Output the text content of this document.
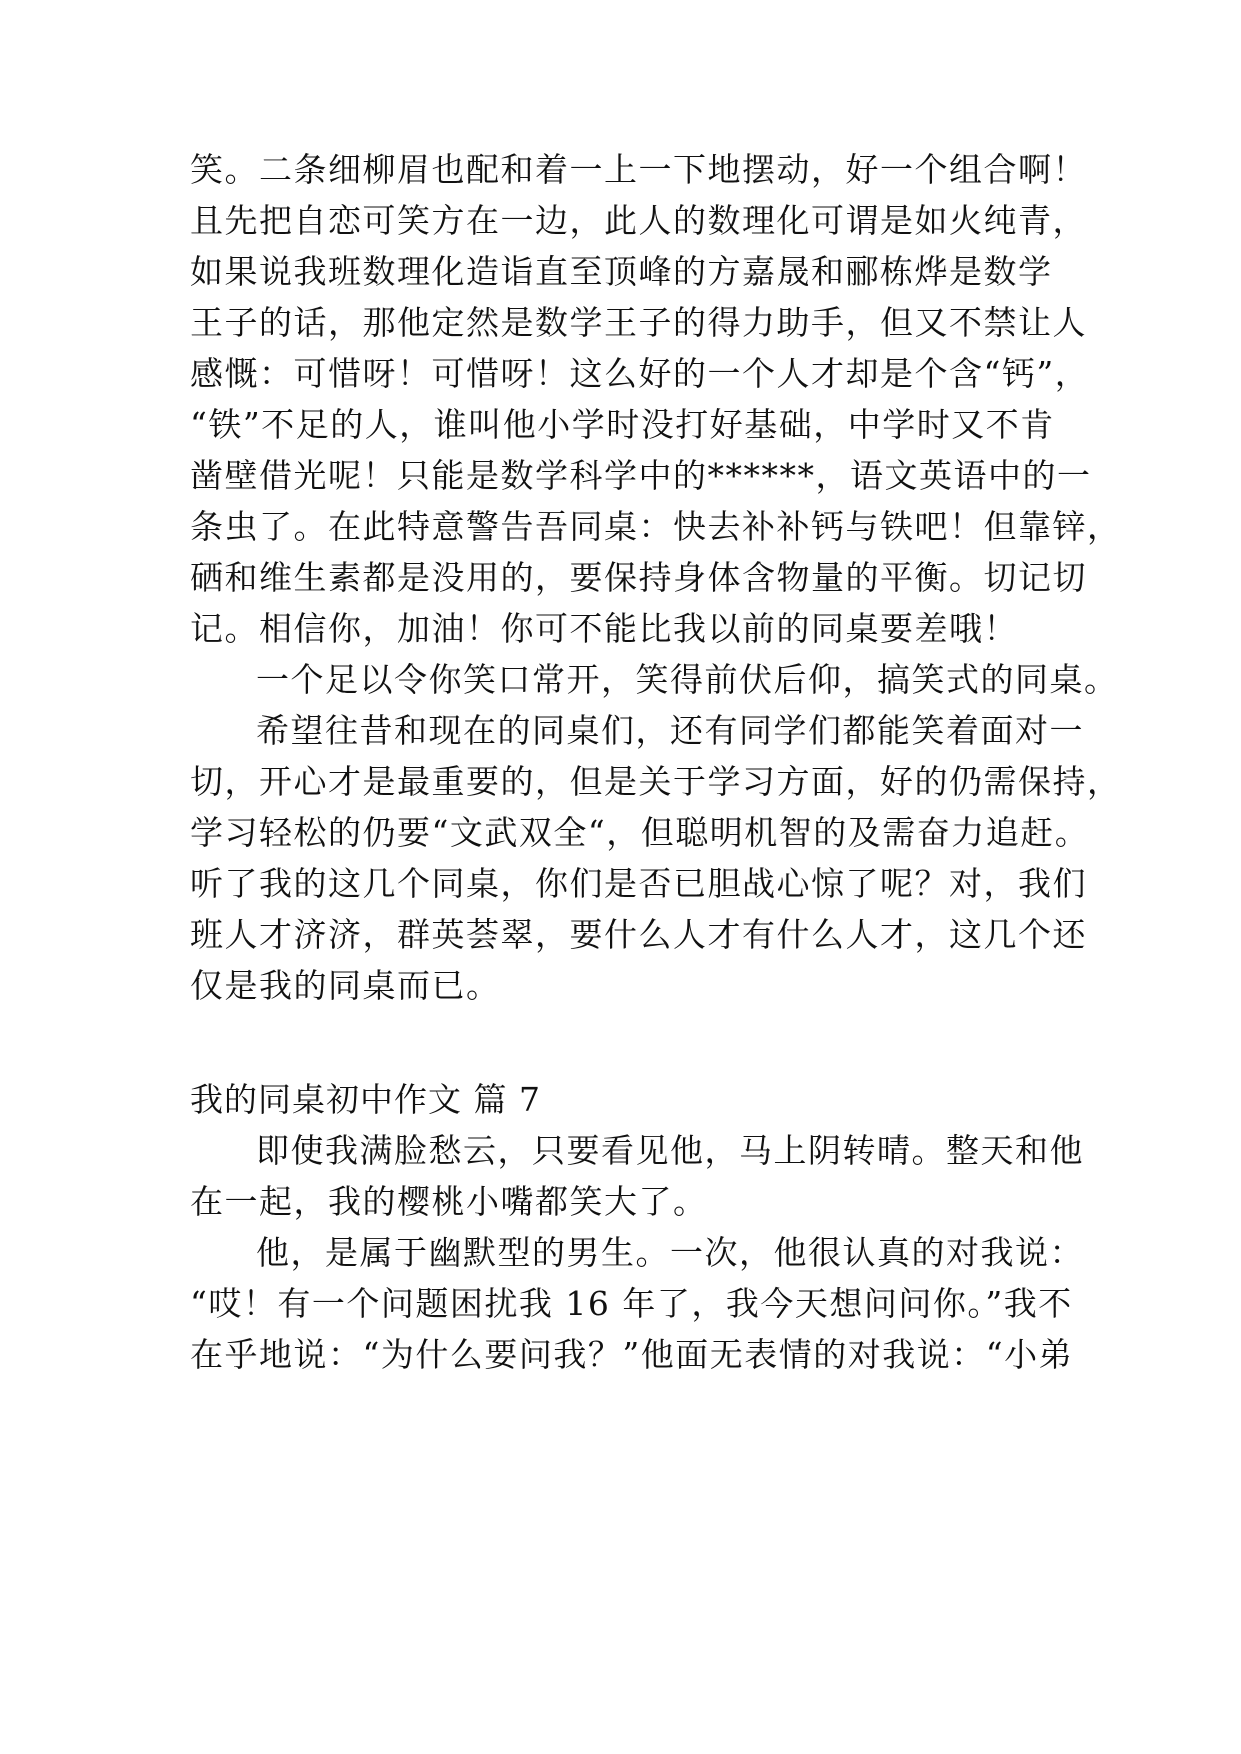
笑。二条细柳眉也配和着一上一下地摆动，好一个组合啊！

且先把自恋可笑方在一边，此人的数理化可谓是如火纯青，

如果说我班数理化造诣直至顶峰的方嘉晟和郦栋烨是数学

王子的话，那他定然是数学王子的得力助手，但又不禁让人

感慨：可惜呀！可惜呀！这么好的一个人才却是个含“钙”，

“铁”不足的人，谁叫他小学时没打好基础，中学时又不肯

凿壁借光呢！只能是数学科学中的******，语文英语中的一

条虫了。在此特意警告吾同桌：快去补补钙与铁吧！但靠锌，

硒和维生素都是没用的，要保持身体含物量的平衡。切记切

记。相信你，加油！你可不能比我以前的同桌要差哦！

一个足以令你笑口常开，笑得前伏后仰，搞笑式的同桌。

希望往昔和现在的同桌们，还有同学们都能笑着面对一

切，开心才是最重要的，但是关于学习方面，好的仍需保持，

学习轻松的仍要“文武双全“，但聪明机智的及需奋力追赶。

听了我的这几个同桌，你们是否已胆战心惊了呢？对，我们

班人才济济，群英荟翠，要什么人才有什么人才，这几个还

仅是我的同桌而已。

我的同桌初中作文 篇 7

即使我满脸愁云，只要看见他，马上阴转晴。整天和他

在一起，我的樱桃小嘴都笑大了。

他，是属于幽默型的男生。一次，他很认真的对我说：

“哎！有一个问题困扰我 16 年了，我今天想问问你。”我不

在乎地说：“为什么要问我？”他面无表情的对我说：“小弟
